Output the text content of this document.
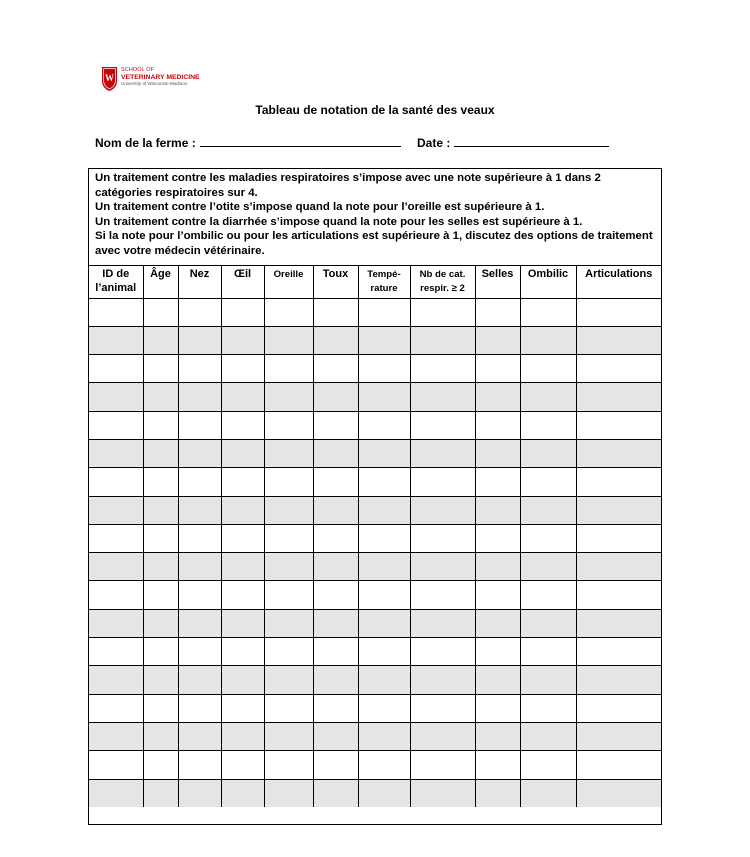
W
SCHOOL OF
VETERINARY MEDICINE
University of Wisconsin-Madison
Tableau de notation de la santé des veaux
Nom de la ferme :	Date :

Un traitement contre les maladies respiratoires s’impose avec une note supérieure à 1 dans 2 catégories respiratoires sur 4.

Un traitement contre l’otite s’impose quand la note pour l’oreille est supérieure à 1.

Un traitement contre la diarrhée s’impose quand la note pour les selles est supérieure à 1.

Si la note pour l’ombilic ou pour les articulations est supérieure à 1, discutez des options de traitement avec votre médecin vétérinaire.

ID de
l’animal	Âge	Nez	Œil	Oreille	Toux	Tempé-
rature	Nb de cat.
respir. ≥ 2	Selles	Ombilic	Articulations
